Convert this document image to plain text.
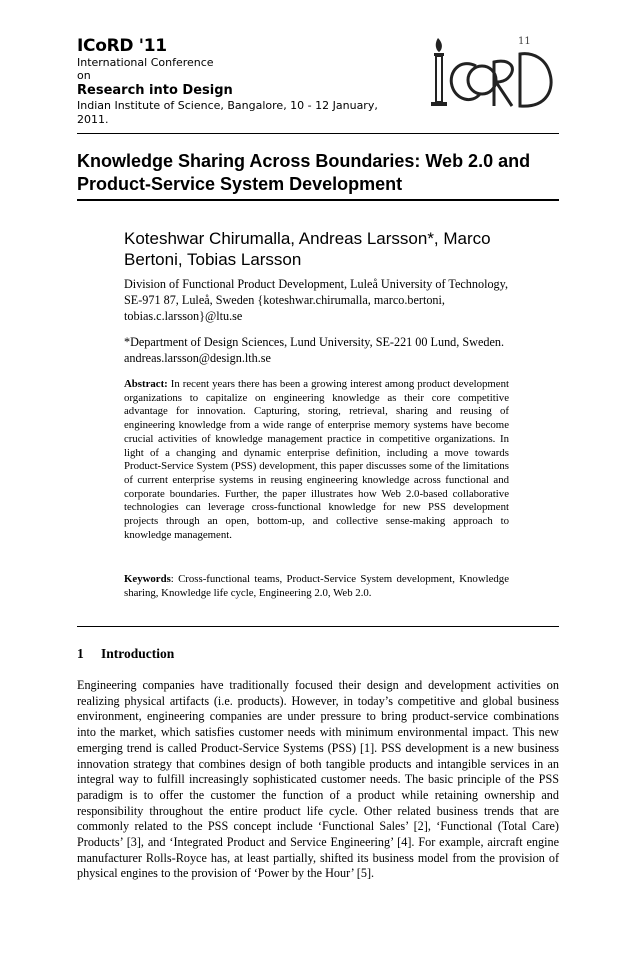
ICoRD '11
International Conference
on
Research into Design
Indian Institute of Science, Bangalore, 10 - 12 January, 2011.
11
Knowledge Sharing Across Boundaries: Web 2.0 and Product-Service System Development
Koteshwar Chirumalla, Andreas Larsson*, Marco Bertoni, Tobias Larsson
Division of Functional Product Development, Luleå University of Technology, SE-971 87, Luleå, Sweden {koteshwar.chirumalla, marco.bertoni, tobias.c.larsson}@ltu.se
*Department of Design Sciences, Lund University, SE-221 00 Lund, Sweden. andreas.larsson@design.lth.se
Abstract: In recent years there has been a growing interest among product development organizations to capitalize on engineering knowledge as their core competitive advantage for innovation. Capturing, storing, retrieval, sharing and reusing of engineering knowledge from a wide range of enterprise memory systems have become crucial activities of knowledge management practice in competitive organizations. In light of a changing and dynamic enterprise definition, including a move towards Product-Service System (PSS) development, this paper discusses some of the limitations of current enterprise systems in reusing engineering knowledge across functional and corporate boundaries. Further, the paper illustrates how Web 2.0-based collaborative technologies can leverage cross-functional knowledge for new PSS development projects through an open, bottom-up, and collective sense-making approach to knowledge management.
Keywords: Cross-functional teams, Product-Service System development, Knowledge sharing, Knowledge life cycle, Engineering 2.0, Web 2.0.
1 Introduction
Engineering companies have traditionally focused their design and development activities on realizing physical artifacts (i.e. products). However, in today’s competitive and global business environment, engineering companies are under pressure to bring product-service combinations into the market, which satisfies customer needs with minimum environmental impact. This new emerging trend is called Product-Service Systems (PSS) [1]. PSS development is a new business innovation strategy that combines design of both tangible products and intangible services in an integral way to fulfill increasingly sophisticated customer needs. The basic principle of the PSS paradigm is to offer the customer the function of a product while retaining ownership and responsibility throughout the entire product life cycle. Other related business trends that are commonly related to the PSS concept include ‘Functional Sales’ [2], ‘Functional (Total Care) Products’ [3], and ‘Integrated Product and Service Engineering’ [4]. For example, aircraft engine manufacturer Rolls-Royce has, at least partially, shifted its business model from the provision of physical engines to the provision of ‘Power by the Hour’ [5].
